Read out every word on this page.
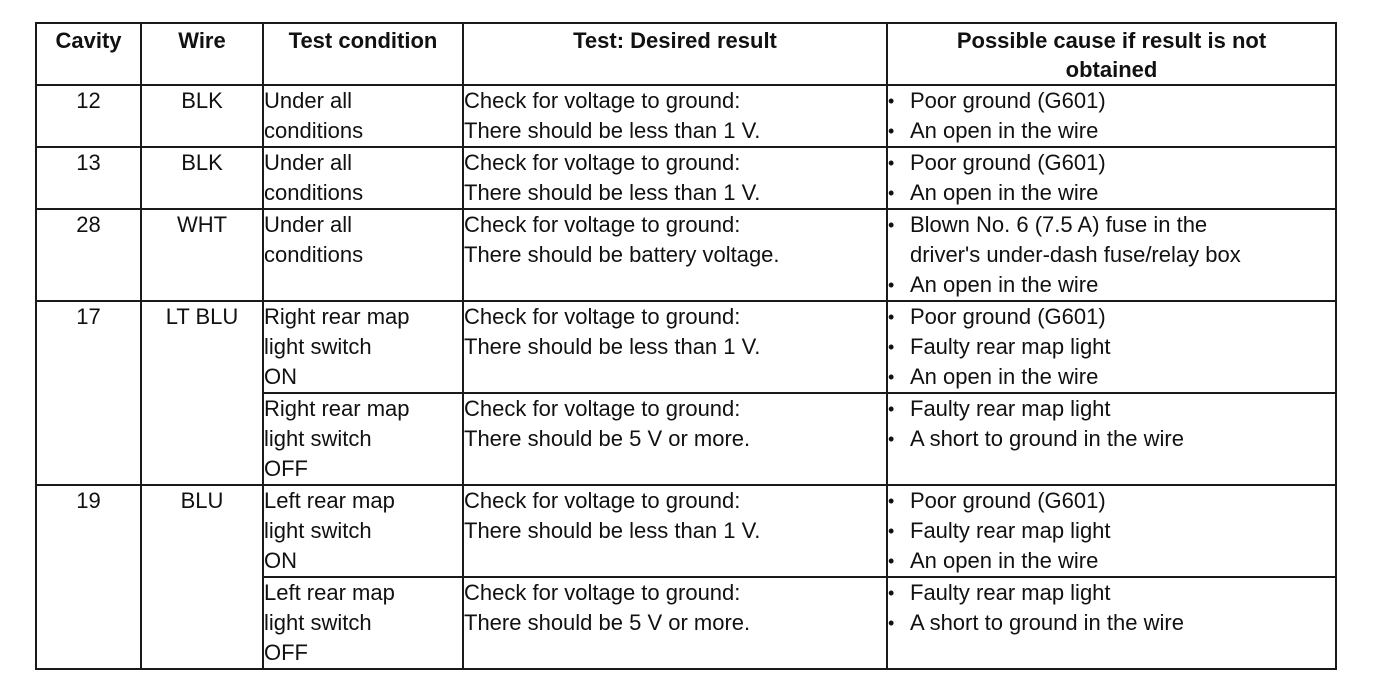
Cavity	Wire	Test condition	Test: Desired result	Possible cause if result is not
obtained

12	BLK	Under all
conditions	Check for voltage to ground:
There should be less than 1 V.	• Poor ground (G601)
• An open in the wire

13	BLK	Under all
conditions	Check for voltage to ground:
There should be less than 1 V.	• Poor ground (G601)
• An open in the wire

28	WHT	Under all
conditions	Check for voltage to ground:
There should be battery voltage.	• Blown No. 6 (7.5 A) fuse in the
driver's under-dash fuse/relay box
• An open in the wire

17	LT BLU	Right rear map
light switch
ON	Check for voltage to ground:
There should be less than 1 V.	• Poor ground (G601)
• Faulty rear map light
• An open in the wire

		Right rear map
light switch
OFF	Check for voltage to ground:
There should be 5 V or more.	• Faulty rear map light
• A short to ground in the wire

19	BLU	Left rear map
light switch
ON	Check for voltage to ground:
There should be less than 1 V.	• Poor ground (G601)
• Faulty rear map light
• An open in the wire

		Left rear map
light switch
OFF	Check for voltage to ground:
There should be 5 V or more.	• Faulty rear map light
• A short to ground in the wire
